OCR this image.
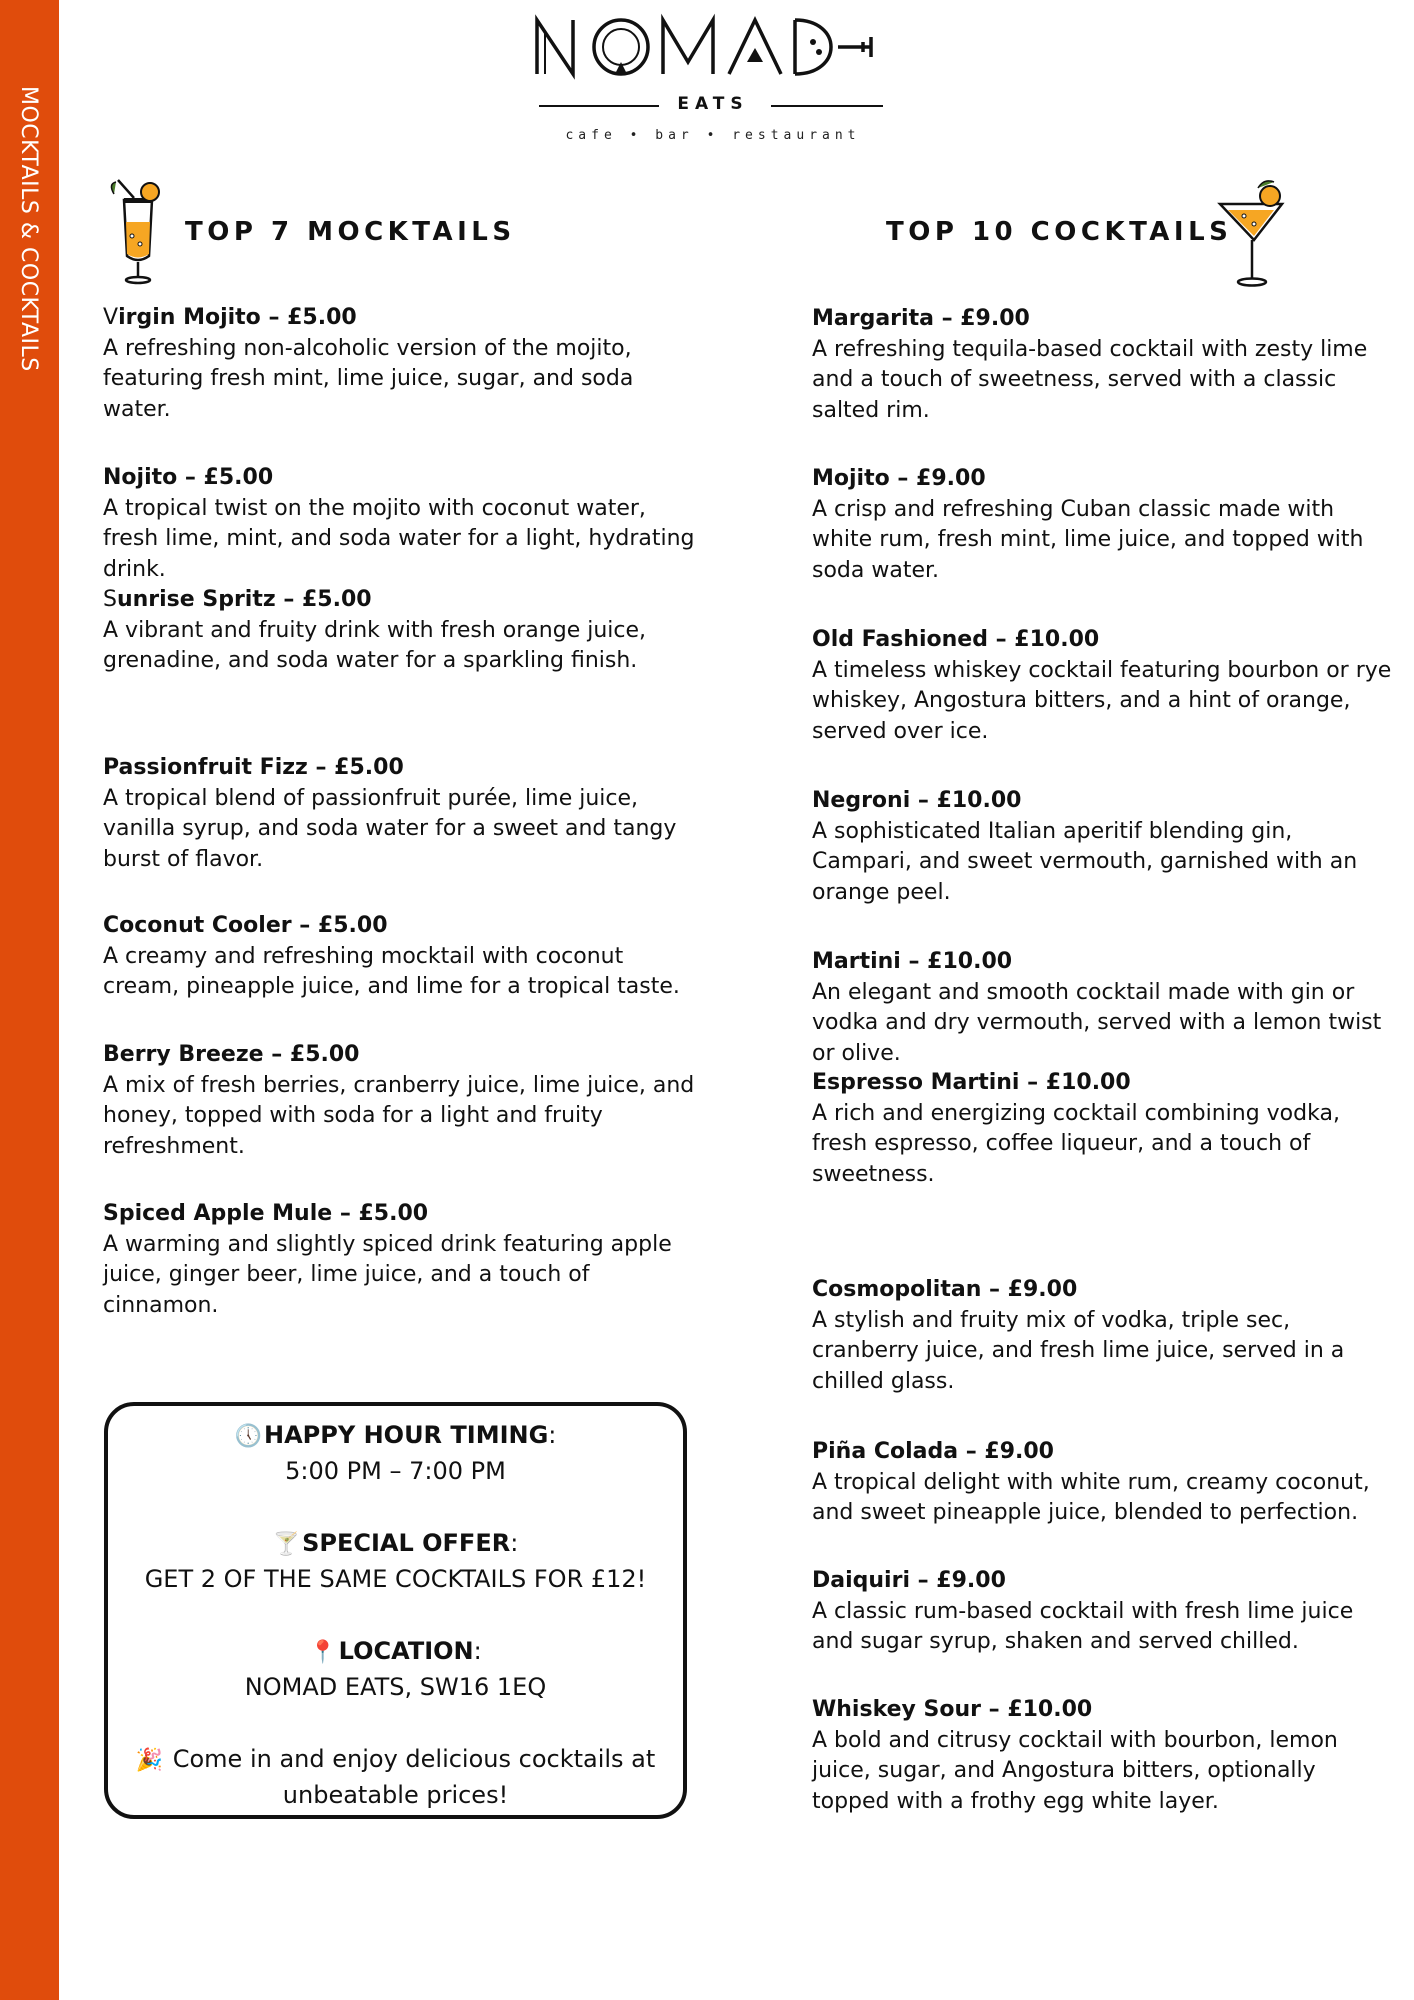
MOCKTAILS & COCKTAILS	EATS
cafe • bar • restaurant
TOP 7 MOCKTAILS	TOP 10 COCKTAILS
Virgin Mojito – £5.00
A refreshing non-alcoholic version of the mojito, featuring fresh mint, lime juice, sugar, and soda water.
Nojito – £5.00
A tropical twist on the mojito with coconut water, fresh lime, mint, and soda water for a light, hydrating drink.
Sunrise Spritz – £5.00
A vibrant and fruity drink with fresh orange juice, grenadine, and soda water for a sparkling finish.
Passionfruit Fizz – £5.00
A tropical blend of passionfruit purée, lime juice, vanilla syrup, and soda water for a sweet and tangy burst of flavor.
Coconut Cooler – £5.00
A creamy and refreshing mocktail with coconut cream, pineapple juice, and lime for a tropical taste.
Berry Breeze – £5.00
A mix of fresh berries, cranberry juice, lime juice, and honey, topped with soda for a light and fruity refreshment.
Spiced Apple Mule – £5.00
A warming and slightly spiced drink featuring apple juice, ginger beer, lime juice, and a touch of cinnamon.
Margarita – £9.00
A refreshing tequila-based cocktail with zesty lime and a touch of sweetness, served with a classic salted rim.
Mojito – £9.00
A crisp and refreshing Cuban classic made with white rum, fresh mint, lime juice, and topped with soda water.
Old Fashioned – £10.00
A timeless whiskey cocktail featuring bourbon or rye whiskey, Angostura bitters, and a hint of orange, served over ice.
Negroni – £10.00
A sophisticated Italian aperitif blending gin, Campari, and sweet vermouth, garnished with an orange peel.
Martini – £10.00
An elegant and smooth cocktail made with gin or vodka and dry vermouth, served with a lemon twist or olive.
Espresso Martini – £10.00
A rich and energizing cocktail combining vodka, fresh espresso, coffee liqueur, and a touch of sweetness.
Cosmopolitan – £9.00
A stylish and fruity mix of vodka, triple sec, cranberry juice, and fresh lime juice, served in a chilled glass.
Piña Colada – £9.00
A tropical delight with white rum, creamy coconut, and sweet pineapple juice, blended to perfection.
Daiquiri – £9.00
A classic rum-based cocktail with fresh lime juice and sugar syrup, shaken and served chilled.
Whiskey Sour – £10.00
A bold and citrusy cocktail with bourbon, lemon juice, sugar, and Angostura bitters, optionally topped with a frothy egg white layer.
🕔HAPPY HOUR TIMING:
5:00 PM – 7:00 PM
🍸SPECIAL OFFER:
GET 2 OF THE SAME COCKTAILS FOR £12!
📍LOCATION:
NOMAD EATS, SW16 1EQ
🎉 Come in and enjoy delicious cocktails at unbeatable prices!
